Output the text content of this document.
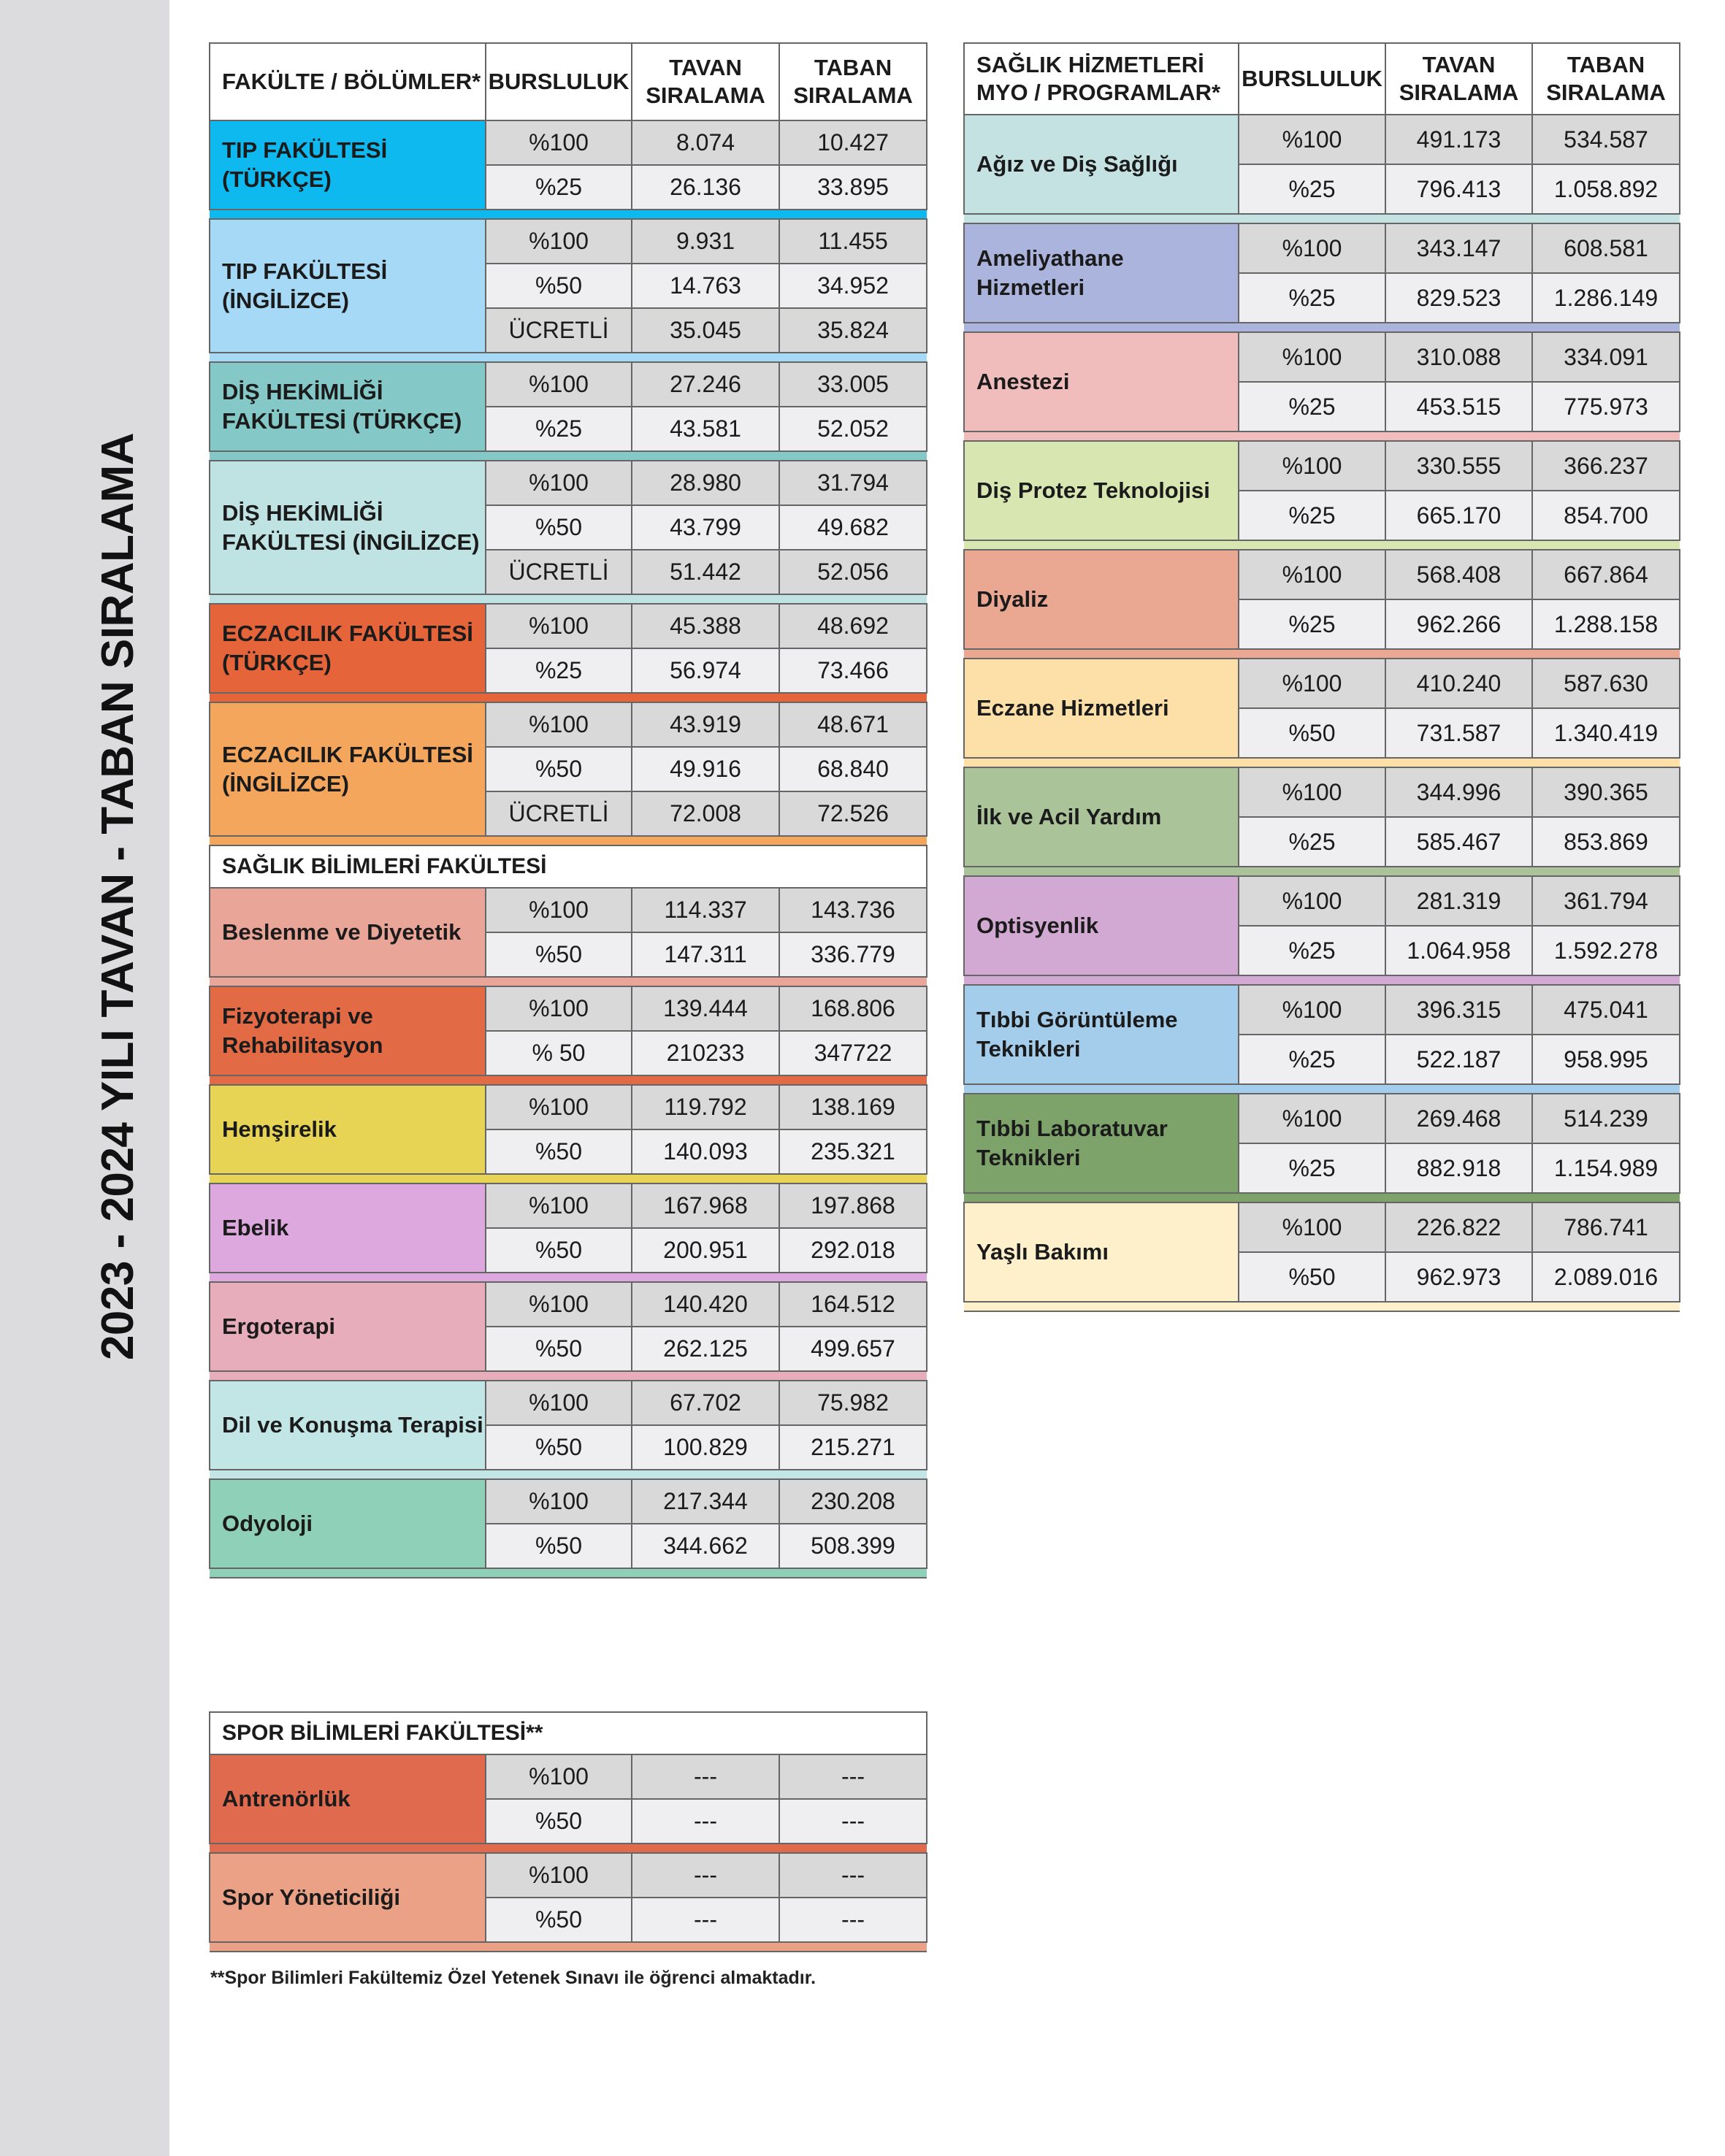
2023 - 2024 YILI TAVAN - TABAN SIRALAMA
FAKÜLTE / BÖLÜMLER*	BURSLULUK	TAVAN SIRALAMA	TABAN SIRALAMA
TIP FAKÜLTESİ (TÜRKÇE)	%100	8.074	10.427
	%25	26.136	33.895

TIP FAKÜLTESİ (İNGİLİZCE)	%100	9.931	11.455
	%50	14.763	34.952
	ÜCRETLİ	35.045	35.824

DİŞ HEKİMLİĞİ FAKÜLTESİ (TÜRKÇE)	%100	27.246	33.005
	%25	43.581	52.052

DİŞ HEKİMLİĞİ FAKÜLTESİ (İNGİLİZCE)	%100	28.980	31.794
	%50	43.799	49.682
	ÜCRETLİ	51.442	52.056

ECZACILIK FAKÜLTESİ (TÜRKÇE)	%100	45.388	48.692
	%25	56.974	73.466

ECZACILIK FAKÜLTESİ (İNGİLİZCE)	%100	43.919	48.671
	%50	49.916	68.840
	ÜCRETLİ	72.008	72.526

SAĞLIK BİLİMLERİ FAKÜLTESİ			
Beslenme ve Diyetetik	%100	114.337	143.736
	%50	147.311	336.779

Fizyoterapi ve Rehabilitasyon	%100	139.444	168.806
	% 50	210233	347722

Hemşirelik	%100	119.792	138.169
	%50	140.093	235.321

Ebelik	%100	167.968	197.868
	%50	200.951	292.018

Ergoterapi	%100	140.420	164.512
	%50	262.125	499.657

Dil ve Konuşma Terapisi	%100	67.702	75.982
	%50	100.829	215.271

Odyoloji	%100	217.344	230.208
	%50	344.662	508.399

SAĞLIK HİZMETLERİ MYO / PROGRAMLAR*	BURSLULUK	TAVAN SIRALAMA	TABAN SIRALAMA
Ağız ve Diş Sağlığı	%100	491.173	534.587
	%25	796.413	1.058.892

Ameliyathane Hizmetleri	%100	343.147	608.581
	%25	829.523	1.286.149

Anestezi	%100	310.088	334.091
	%25	453.515	775.973

Diş Protez Teknolojisi	%100	330.555	366.237
	%25	665.170	854.700

Diyaliz	%100	568.408	667.864
	%25	962.266	1.288.158

Eczane Hizmetleri	%100	410.240	587.630
	%50	731.587	1.340.419

İlk ve Acil Yardım	%100	344.996	390.365
	%25	585.467	853.869

Optisyenlik	%100	281.319	361.794
	%25	1.064.958	1.592.278

Tıbbi Görüntüleme Teknikleri	%100	396.315	475.041
	%25	522.187	958.995

Tıbbi Laboratuvar Teknikleri	%100	269.468	514.239
	%25	882.918	1.154.989

Yaşlı Bakımı	%100	226.822	786.741
	%50	962.973	2.089.016

SPOR BİLİMLERİ FAKÜLTESİ**			
Antrenörlük	%100	---	---
	%50	---	---

Spor Yöneticiliği	%100	---	---
	%50	---	---

**Spor Bilimleri Fakültemiz Özel Yetenek Sınavı ile öğrenci almaktadır.
